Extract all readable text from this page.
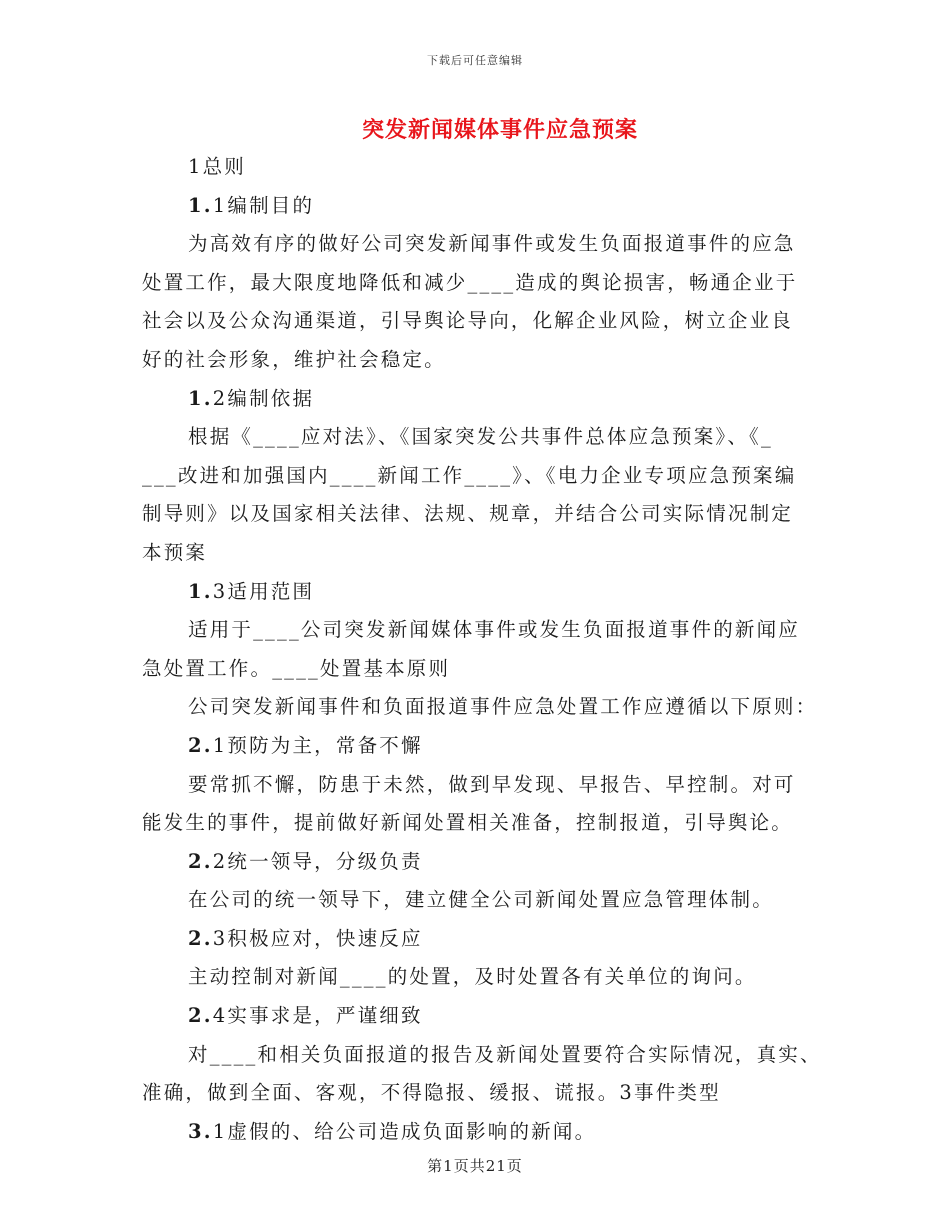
下载后可任意编辑
突发新闻媒体事件应急预案
1总则
1.1编制目的
为高效有序的做好公司突发新闻事件或发生负面报道事件的应急
处置工作，最大限度地降低和减少____造成的舆论损害，畅通企业于
社会以及公众沟通渠道，引导舆论导向，化解企业风险，树立企业良
好的社会形象，维护社会稳定。
1.2编制依据
根据《____应对法》、《国家突发公共事件总体应急预案》、《_
___改进和加强国内____新闻工作____》、《电力企业专项应急预案编
制导则》以及国家相关法律、法规、规章，并结合公司实际情况制定
本预案
1.3适用范围
适用于____公司突发新闻媒体事件或发生负面报道事件的新闻应
急处置工作。____处置基本原则
公司突发新闻事件和负面报道事件应急处置工作应遵循以下原则：
2.1预防为主，常备不懈
要常抓不懈，防患于未然，做到早发现、早报告、早控制。对可
能发生的事件，提前做好新闻处置相关准备，控制报道，引导舆论。
2.2统一领导，分级负责
在公司的统一领导下，建立健全公司新闻处置应急管理体制。
2.3积极应对，快速反应
主动控制对新闻____的处置，及时处置各有关单位的询问。
2.4实事求是，严谨细致
对____和相关负面报道的报告及新闻处置要符合实际情况，真实、
准确，做到全面、客观，不得隐报、缓报、谎报。3事件类型
3.1虚假的、给公司造成负面影响的新闻。
第1页共21页
